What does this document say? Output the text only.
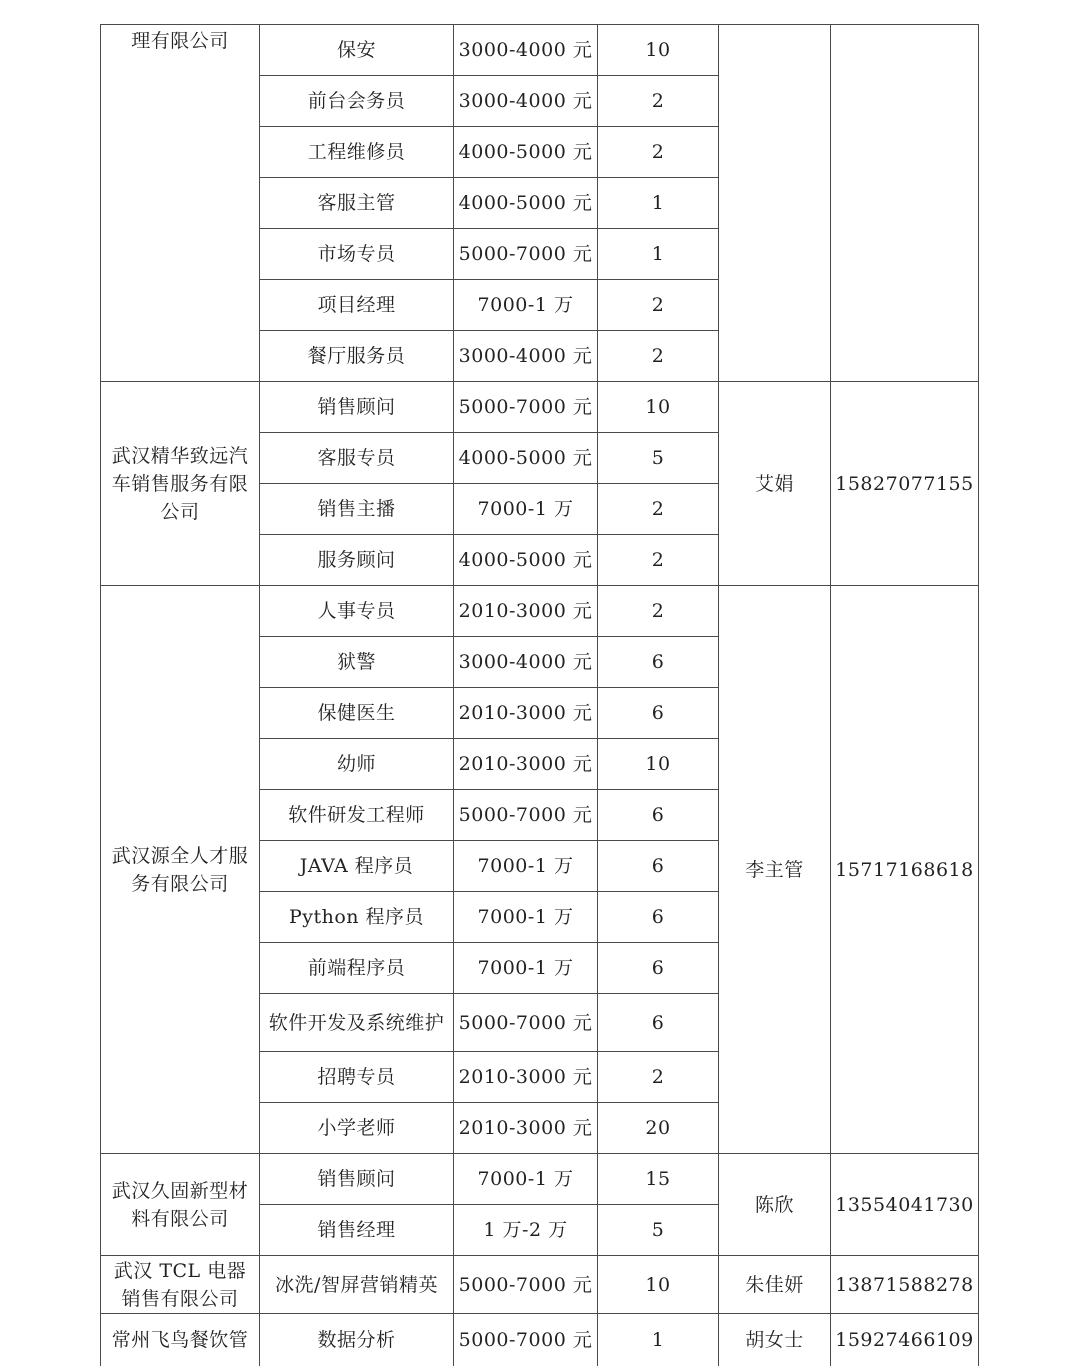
理有限公司	保安	3000-4000 元	10		
	前台会务员	3000-4000 元	2		
	工程维修员	4000-5000 元	2		
	客服主管	4000-5000 元	1		
	市场专员	5000-7000 元	1		
	项目经理	7000-1 万	2		
	餐厅服务员	3000-4000 元	2		
武汉精华致远汽车销售服务有限公司	销售顾问	5000-7000 元	10	艾娟	15827077155
	客服专员	4000-5000 元	5		
	销售主播	7000-1 万	2		
	服务顾问	4000-5000 元	2		
武汉源全人才服务有限公司	人事专员	2010-3000 元	2	李主管	15717168618
	狱警	3000-4000 元	6		
	保健医生	2010-3000 元	6		
	幼师	2010-3000 元	10		
	软件研发工程师	5000-7000 元	6		
	JAVA 程序员	7000-1 万	6		
	Python 程序员	7000-1 万	6		
	前端程序员	7000-1 万	6		
	软件开发及系统维护	5000-7000 元	6		
	招聘专员	2010-3000 元	2		
	小学老师	2010-3000 元	20		
武汉久固新型材料有限公司	销售顾问	7000-1 万	15	陈欣	13554041730
	销售经理	1 万-2 万	5		
武汉 TCL 电器销售有限公司	冰洗/智屏营销精英	5000-7000 元	10	朱佳妍	13871588278
常州飞鸟餐饮管	数据分析	5000-7000 元	1	胡女士	15927466109
